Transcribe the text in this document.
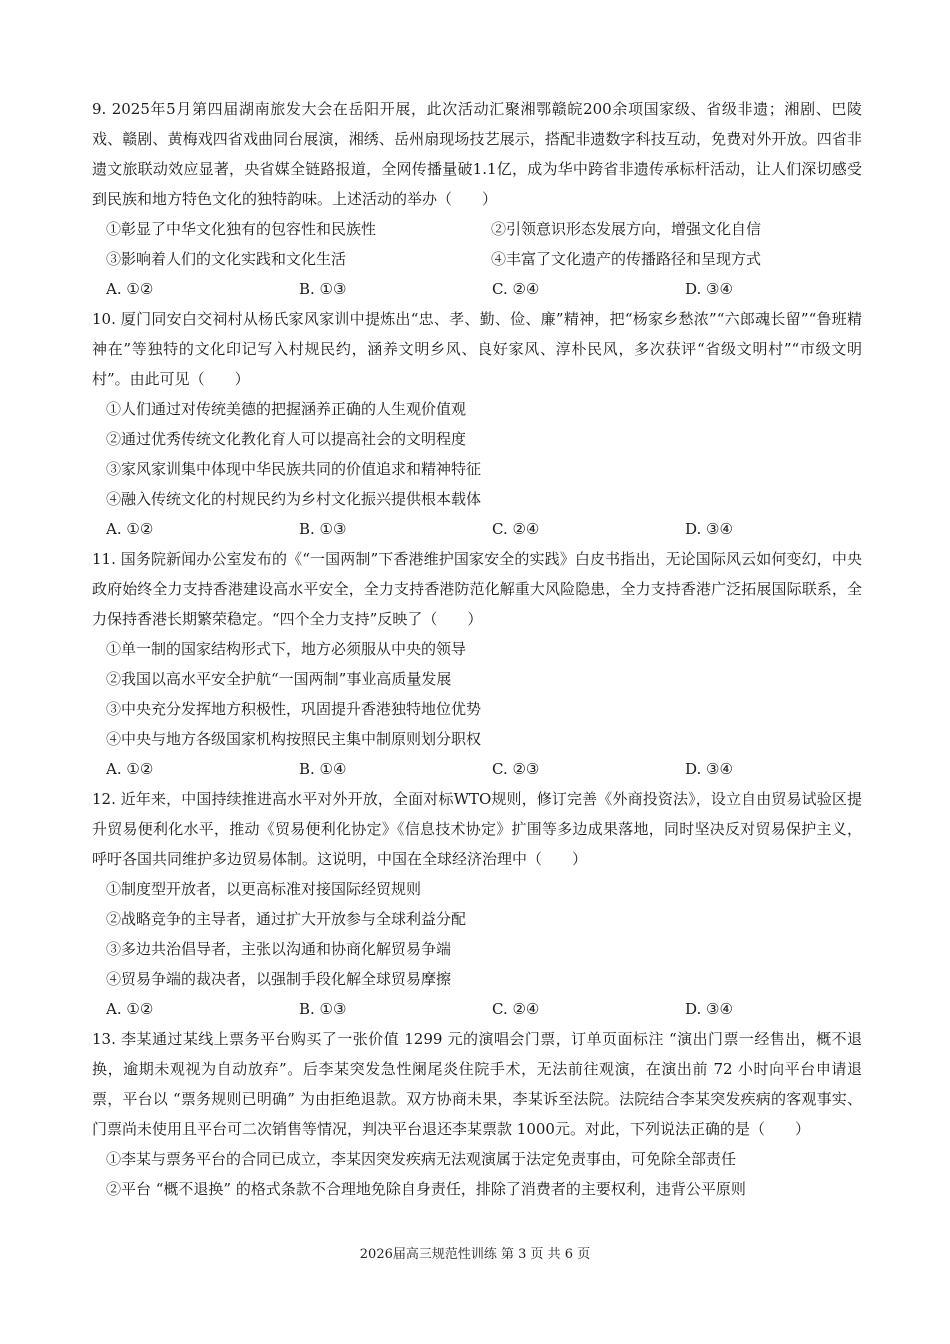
9. 2025年5月第四届湖南旅发大会在岳阳开展，此次活动汇聚湘鄂赣皖200余项国家级、省级非遗；湘剧、巴陵戏、赣剧、黄梅戏四省戏曲同台展演，湘绣、岳州扇现场技艺展示，搭配非遗数字科技互动，免费对外开放。四省非遗文旅联动效应显著，央省媒全链路报道，全网传播量破1.1亿，成为华中跨省非遗传承标杆活动，让人们深切感受到民族和地方特色文化的独特韵味。上述活动的举办（　　）

①彰显了中华文化独有的包容性和民族性	②引领意识形态发展方向，增强文化自信
③影响着人们的文化实践和文化生活	④丰富了文化遗产的传播路径和呈现方式
A. ①②	B. ①③	C. ②④	D. ③④

10. 厦门同安白交祠村从杨氏家风家训中提炼出“忠、孝、勤、俭、廉”精神，把“杨家乡愁浓”“六郎魂长留”“鲁班精神在”等独特的文化印记写入村规民约，涵养文明乡风、良好家风、淳朴民风，多次获评“省级文明村”“市级文明村”。由此可见（　　）

①人们通过对传统美德的把握涵养正确的人生观价值观
②通过优秀传统文化教化育人可以提高社会的文明程度
③家风家训集中体现中华民族共同的价值追求和精神特征
④融入传统文化的村规民约为乡村文化振兴提供根本载体
A. ①②	B. ①③	C. ②④	D. ③④

11. 国务院新闻办公室发布的《“一国两制”下香港维护国家安全的实践》白皮书指出，无论国际风云如何变幻，中央政府始终全力支持香港建设高水平安全，全力支持香港防范化解重大风险隐患，全力支持香港广泛拓展国际联系，全力保持香港长期繁荣稳定。“四个全力支持”反映了（　　）

①单一制的国家结构形式下，地方必须服从中央的领导
②我国以高水平安全护航“一国两制”事业高质量发展
③中央充分发挥地方积极性，巩固提升香港独特地位优势
④中央与地方各级国家机构按照民主集中制原则划分职权
A. ①②	B. ①④	C. ②③	D. ③④

12. 近年来，中国持续推进高水平对外开放，全面对标WTO规则，修订完善《外商投资法》，设立自由贸易试验区提升贸易便利化水平，推动《贸易便利化协定》《信息技术协定》扩围等多边成果落地，同时坚决反对贸易保护主义，呼吁各国共同维护多边贸易体制。这说明，中国在全球经济治理中（　　）

①制度型开放者，以更高标准对接国际经贸规则
②战略竞争的主导者，通过扩大开放参与全球利益分配
③多边共治倡导者，主张以沟通和协商化解贸易争端
④贸易争端的裁决者，以强制手段化解全球贸易摩擦
A. ①②	B. ①③	C. ②④	D. ③④

13. 李某通过某线上票务平台购买了一张价值 1299 元的演唱会门票，订单页面标注 “演出门票一经售出，概不退换，逾期未观视为自动放弃”。后李某突发急性阑尾炎住院手术，无法前往观演，在演出前 72 小时向平台申请退票，平台以 “票务规则已明确” 为由拒绝退款。双方协商未果，李某诉至法院。法院结合李某突发疾病的客观事实、门票尚未使用且平台可二次销售等情况，判决平台退还李某票款 1000元。对此，下列说法正确的是（　　）

①李某与票务平台的合同已成立，李某因突发疾病无法观演属于法定免责事由，可免除全部责任
②平台 “概不退换” 的格式条款不合理地免除自身责任，排除了消费者的主要权利，违背公平原则
2026届高三规范性训练 第 3 页 共 6 页
